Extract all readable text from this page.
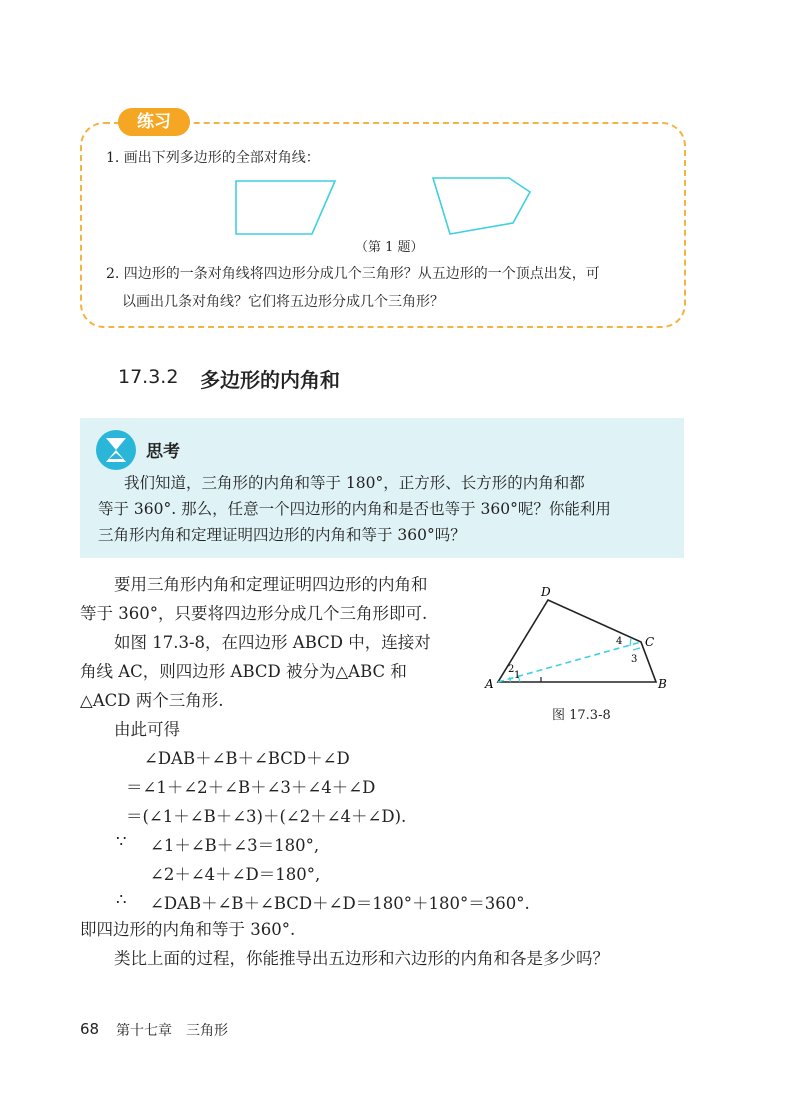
练习
1. 画出下列多边形的全部对角线：
（第 1 题）
2. 四边形的一条对角线将四边形分成几个三角形？从五边形的一个顶点出发，可
以画出几条对角线？它们将五边形分成几个三角形？
17.3.2 多边形的内角和
思考
我们知道，三角形的内角和等于 180°，正方形、长方形的内角和都
等于 360°. 那么，任意一个四边形的内角和是否也等于 360°呢？你能利用
三角形内角和定理证明四边形的内角和等于 360°吗？
要用三角形内角和定理证明四边形的内角和
等于 360°，只要将四边形分成几个三角形即可.
如图 17.3-8，在四边形 ABCD 中，连接对
角线 AC，则四边形 ABCD 被分为△ABC 和
△ACD 两个三角形.
由此可得
∠DAB＋∠B＋∠BCD＋∠D
＝∠1＋∠2＋∠B＋∠3＋∠4＋∠D
＝(∠1＋∠B＋∠3)＋(∠2＋∠4＋∠D).
∵ ∠1＋∠B＋∠3＝180°,
∠2＋∠4＋∠D＝180°,
∴ ∠DAB＋∠B＋∠BCD＋∠D＝180°＋180°＝360°.
即四边形的内角和等于 360°.
类比上面的过程，你能推导出五边形和六边形的内角和各是多少吗？
A	B
C
D
1
2
3
4
图 17.3-8
68 第十七章　三角形
